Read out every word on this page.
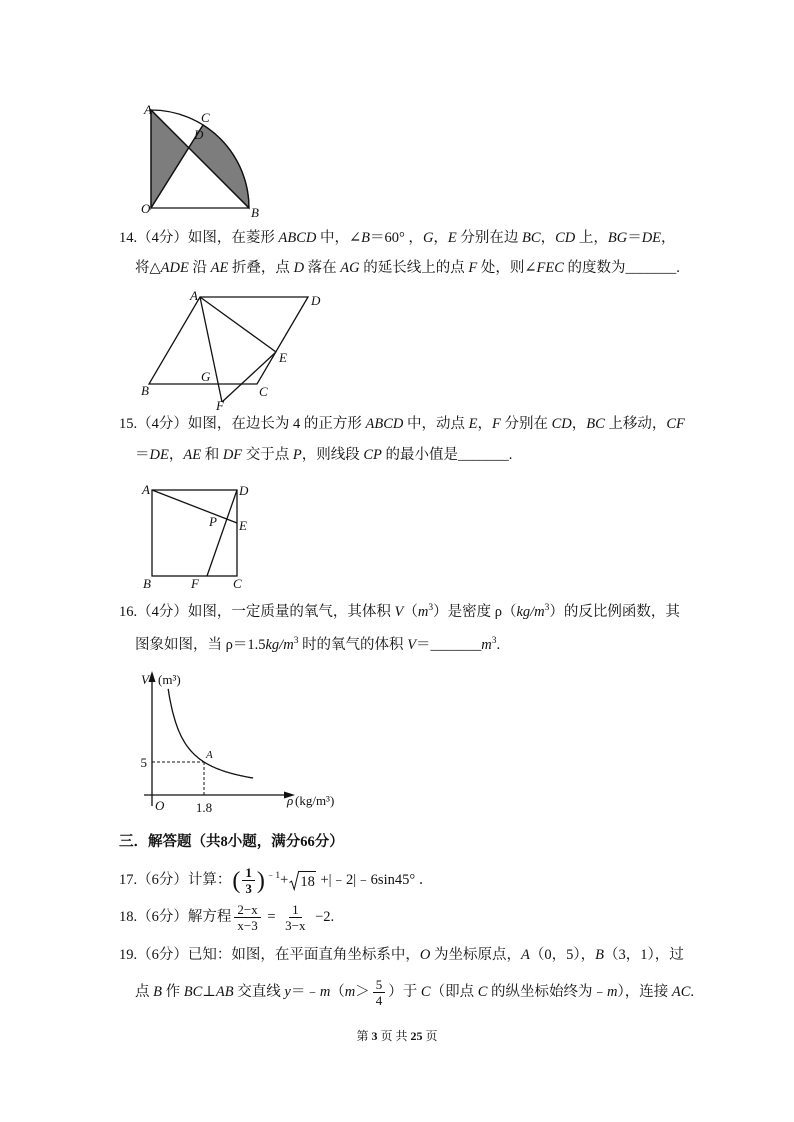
A
C
D
O	B
14.（4分）如图，在菱形 ABCD 中，∠B＝60° ，G，E 分别在边 BC，CD 上，BG＝DE，
将△ADE 沿 AE 折叠，点 D 落在 AG 的延长线上的点 F 处，则∠FEC 的度数为_______.
A	D
E
B
G
F
C
15.（4分）如图，在边长为 4 的正方形 ABCD 中，动点 E，F 分别在 CD，BC 上移动，CF
＝DE，AE 和 DF 交于点 P，则线段 CP 的最小值是_______.
A	D
P E
B	F	C
16.（4分）如图，一定质量的氧气，其体积 $V(m^3)$是密度 $\rho(kg/m^3)$的反比例函数，其
图象如图，当 $\rho=1.5kg/m^3$ 时的氧气的体积 $V=\_\_\_\_\_\_\_m^3$.
V (m³)
ρ (kg/m³)
O
A
5
1.8
三．解答题（共8小题，满分66分）
17.（6分）计算： ( $\frac{1}{3}$ ) $^{﹣1}$+ 18 +|﹣2|﹣6sin45° ．
18.（6分）解方程 $\frac{2-x}{x-3} = \frac{1}{3-x} -2$.
19.（6分）已知：如图，在平面直角坐标系中，O 为坐标原点，A（0，5），B（3，1），过
点 B 作 BC⊥AB 交直线 y＝﹣m（m＞ $\frac{5}{4}$ ）于 C（即点 C 的纵坐标始终为﹣m），连接 AC.
第 3 页 共 25 页
